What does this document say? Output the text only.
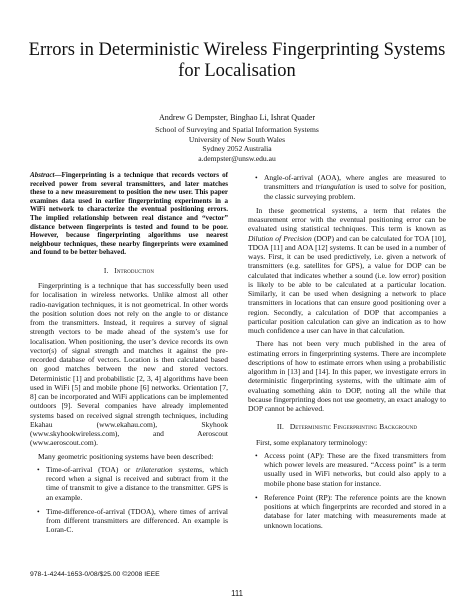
Errors in Deterministic Wireless Fingerprinting Systems
for Localisation
Andrew G Dempster, Binghao Li, Ishrat Quader
School of Surveying and Spatial Information Systems
University of New South Wales
Sydney 2052 Australia
a.dempster@unsw.edu.au

Abstract—Fingerprinting is a technique that records vectors of received power from several transmitters, and later matches these to a new measurement to position the new user. This paper examines data used in earlier fingerprinting experiments in a WiFi network to characterize the eventual positioning errors. The implied relationship between real distance and “vector” distance between fingerprints is tested and found to be poor. However, because fingerprinting algorithms use nearest neighbour techniques, these nearby fingerprints were examined and found to be better behaved.

I. Introduction

Fingerprinting is a technique that has successfully been used for localisation in wireless networks. Unlike almost all other radio-navigation techniques, it is not geometrical. In other words the position solution does not rely on the angle to or distance from the transmitters. Instead, it requires a survey of signal strength vectors to be made ahead of the system’s use for localisation. When positioning, the user’s device records its own vector(s) of signal strength and matches it against the pre-recorded database of vectors. Location is then calculated based on good matches between the new and stored vectors. Deterministic [1] and probabilistic [2, 3, 4] algorithms have been used in WiFi [5] and mobile phone [6] networks. Orientation [7, 8] can be incorporated and WiFi applications can be implemented outdoors [9]. Several companies have already implemented systems based on received signal strength techniques, including Ekahau (www.ekahau.com), Skyhook (www.skyhookwireless.com), and Aeroscout (www.aeroscout.com).

Many geometric positioning systems have been described:

• Time-of-arrival (TOA) or trilateration systems, which record when a signal is received and subtract from it the time of transmit to give a distance to the transmitter. GPS is an example.
• Time-difference-of-arrival (TDOA), where times of arrival from different transmitters are differenced. An example is Loran-C.
• Angle-of-arrival (AOA), where angles are measured to transmitters and triangulation is used to solve for position, the classic surveying problem.

In these geometrical systems, a term that relates the measurement error with the eventual positioning error can be evaluated using statistical techniques. This term is known as Dilution of Precision (DOP) and can be calculated for TOA [10], TDOA [11] and AOA [12] systems. It can be used in a number of ways. First, it can be used predictively, i.e. given a network of transmitters (e.g. satellites for GPS), a value for DOP can be calculated that indicates whether a sound (i.e. low error) position is likely to be able to be calculated at a particular location. Similarly, it can be used when designing a network to place transmitters in locations that can ensure good positioning over a region. Secondly, a calculation of DOP that accompanies a particular position calculation can give an indication as to how much confidence a user can have in that calculation.

There has not been very much published in the area of estimating errors in fingerprinting systems. There are incomplete descriptions of how to estimate errors when using a probabilistic algorithm in [13] and [14]. In this paper, we investigate errors in deterministic fingerprinting systems, with the ultimate aim of evaluating something akin to DOP, noting all the while that because fingerprinting does not use geometry, an exact analogy to DOP cannot be achieved.

II. Deterministic Fingerprinting Background

First, some explanatory terminology:

• Access point (AP): These are the fixed transmitters from which power levels are measured. “Access point” is a term usually used in WiFi networks, but could also apply to a mobile phone base station for instance.
• Reference Point (RP): The reference points are the known positions at which fingerprints are recorded and stored in a database for later matching with measurements made at unknown locations.
978-1-4244-1653-0/08/$25.00 ©2008 IEEE
111
